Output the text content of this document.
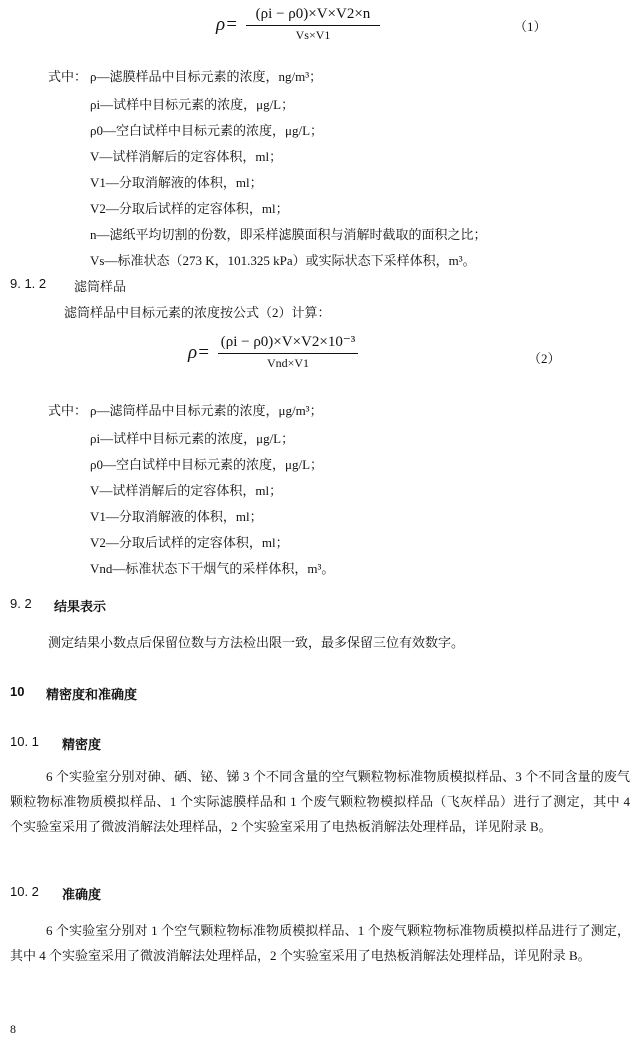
ρ=	(ρi − ρ0)×V×V2×n
Vs×V1
（1）
式中： ρ—滤膜样品中目标元素的浓度，ng/m³；
ρi—试样中目标元素的浓度，μg/L；
ρ0—空白试样中目标元素的浓度，μg/L；
V—试样消解后的定容体积，ml；
V1—分取消解液的体积，ml；
V2—分取后试样的定容体积，ml；
n—滤纸平均切割的份数，即采样滤膜面积与消解时截取的面积之比；
Vs—标准状态（273 K，101.325 kPa）或实际状态下采样体积，m³。
9. 1. 2 滤筒样品
滤筒样品中目标元素的浓度按公式（2）计算：
ρ= (ρi − ρ0)×V×V2×10⁻³
Vnd×V1	（2）
式中： ρ—滤筒样品中目标元素的浓度，μg/m³；
ρi—试样中目标元素的浓度，μg/L；
ρ0—空白试样中目标元素的浓度，μg/L；
V—试样消解后的定容体积，ml；
V1—分取消解液的体积，ml；
V2—分取后试样的定容体积，ml；
Vnd—标准状态下干烟气的采样体积，m³。
9. 2 结果表示
测定结果小数点后保留位数与方法检出限一致，最多保留三位有效数字。
10 精密度和准确度
10. 1 精密度
6 个实验室分别对砷、硒、铋、锑 3 个不同含量的空气颗粒物标准物质模拟样品、3 个不同含量的废气颗粒物标准物质模拟样品、1 个实际滤膜样品和 1 个废气颗粒物模拟样品（飞灰样品）进行了测定，其中 4 个实验室采用了微波消解法处理样品，2 个实验室采用了电热板消解法处理样品，详见附录 B。
10. 2 准确度
6 个实验室分别对 1 个空气颗粒物标准物质模拟样品、1 个废气颗粒物标准物质模拟样品进行了测定，其中 4 个实验室采用了微波消解法处理样品，2 个实验室采用了电热板消解法处理样品，详见附录 B。
8
